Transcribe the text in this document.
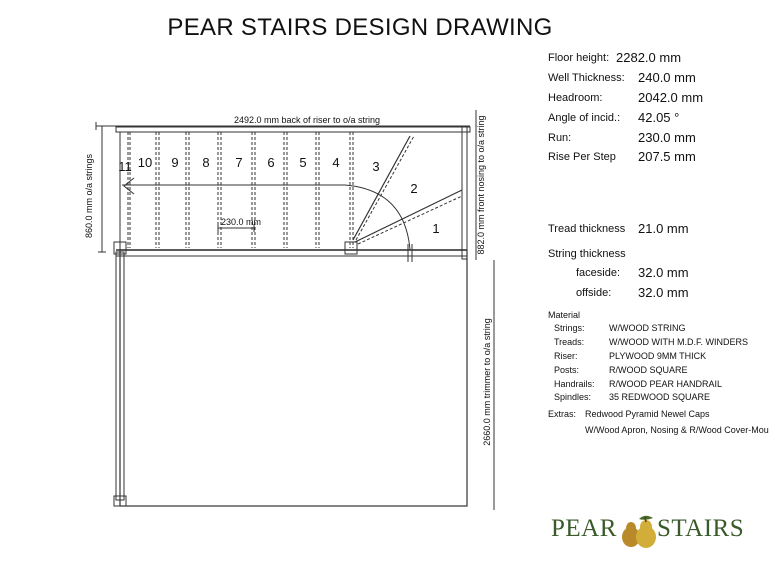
PEAR STAIRS DESIGN DRAWING
2492.0 mm back of riser to o/a string
860.0 mm o/a strings	882.0 mm front nosing to o/a string
2660.0 mm trimmer to o/a string
230.0 mm
11 10 9 8 7 6 5 4	3
2
1
Floor height: 2282.0 mm
Well Thickness: 240.0 mm
Headroom:	2042.0 mm
Angle of incid.: 42.05 °
Run:	230.0 mm
Rise Per Step 207.5 mm
Tread thickness 21.0 mm
String thickness
faceside: 32.0 mm
offside: 32.0 mm
Material
Strings:	W/WOOD STRING
Treads:	W/WOOD WITH M.D.F. WINDERS
Riser:	PLYWOOD 9MM THICK
Posts:	R/WOOD SQUARE
Handrails: R/WOOD PEAR HANDRAIL
Spindles: 35 REDWOOD SQUARE
Extras: Redwood Pyramid Newel Caps
W/Wood Apron, Nosing & R/Wood Cover-Mou
PEAR STAIRS
